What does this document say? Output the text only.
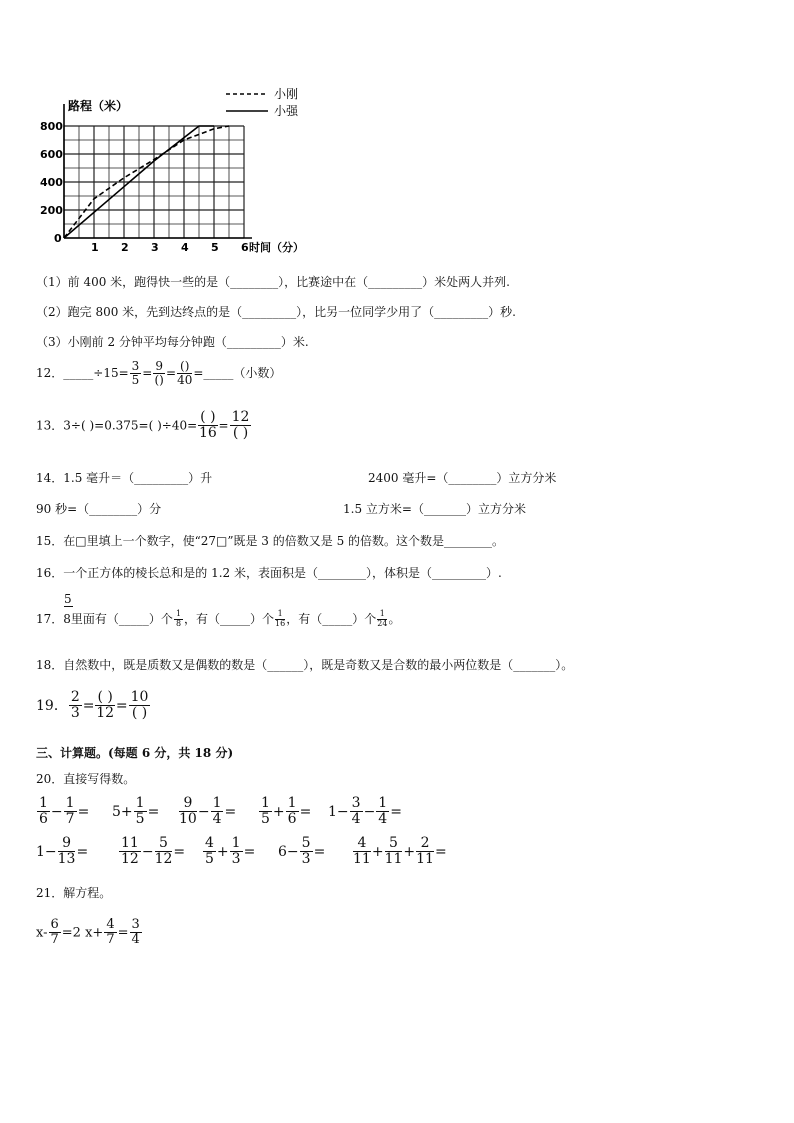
1 2 3 4 5 6 时间（分）
0
200
400
600
800
路程（米）
小刚
小强
（1）前 400 米，跑得快一些的是（________），比赛途中在（_________）米处两人并列.
（2）跑完 800 米，先到达终点的是（_________），比另一位同学少用了（_________）秒.
（3）小刚前 2 分钟平均每分钟跑（_________）米.
12．_____÷15= $\frac{3}{5} = \frac{9}{()} = \frac{()}{40}$ =_____（小数）
13．3÷( )=0.375=( )$\div 40= \frac{( )}{16} = \frac{12}{( )}$
14．1.5 毫升＝（_________）升	2400 毫升=（________）立方分米
90 秒=（________）分	1.5 立方米=（_______）立方分米
15．在□里填上一个数字，使“27□”既是 3 的倍数又是 5 的倍数。这个数是________。
16．一个正方体的棱长总和是的 1.2 米，表面积是（________），体积是（_________）.
5
17．8里面有（_____）个 $\frac{1}{8}$ ，有（_____）个 $\frac{1}{16}$ ，有（_____）个 $\frac{1}{24}$ 。
18．自然数中，既是质数又是偶数的数是（______），既是奇数又是合数的最小两位数是（_______）。
19． $\frac{2}{3} = \frac{( )}{12} = \frac{10}{( )}$
三、计算题。(每题 6 分，共 18 分)
20．直接写得数。
$\frac{1}{6} - \frac{1}{7} = 5+ \frac{1}{5} = \frac{9}{10} - \frac{1}{4} = \frac{1}{5} + \frac{1}{6} = 1- \frac{3}{4} - \frac{1}{4}$ =
$1- \frac{9}{13} = \frac{11}{12} - \frac{5}{12} = \frac{4}{5} + \frac{1}{3} = 6- \frac{5}{3} = \frac{4}{11} + \frac{5}{11} + \frac{2}{11}$ =
21．解方程。
$x- \frac{6}{7} =2$ $x+ \frac{4}{7} = \frac{3}{4}$
